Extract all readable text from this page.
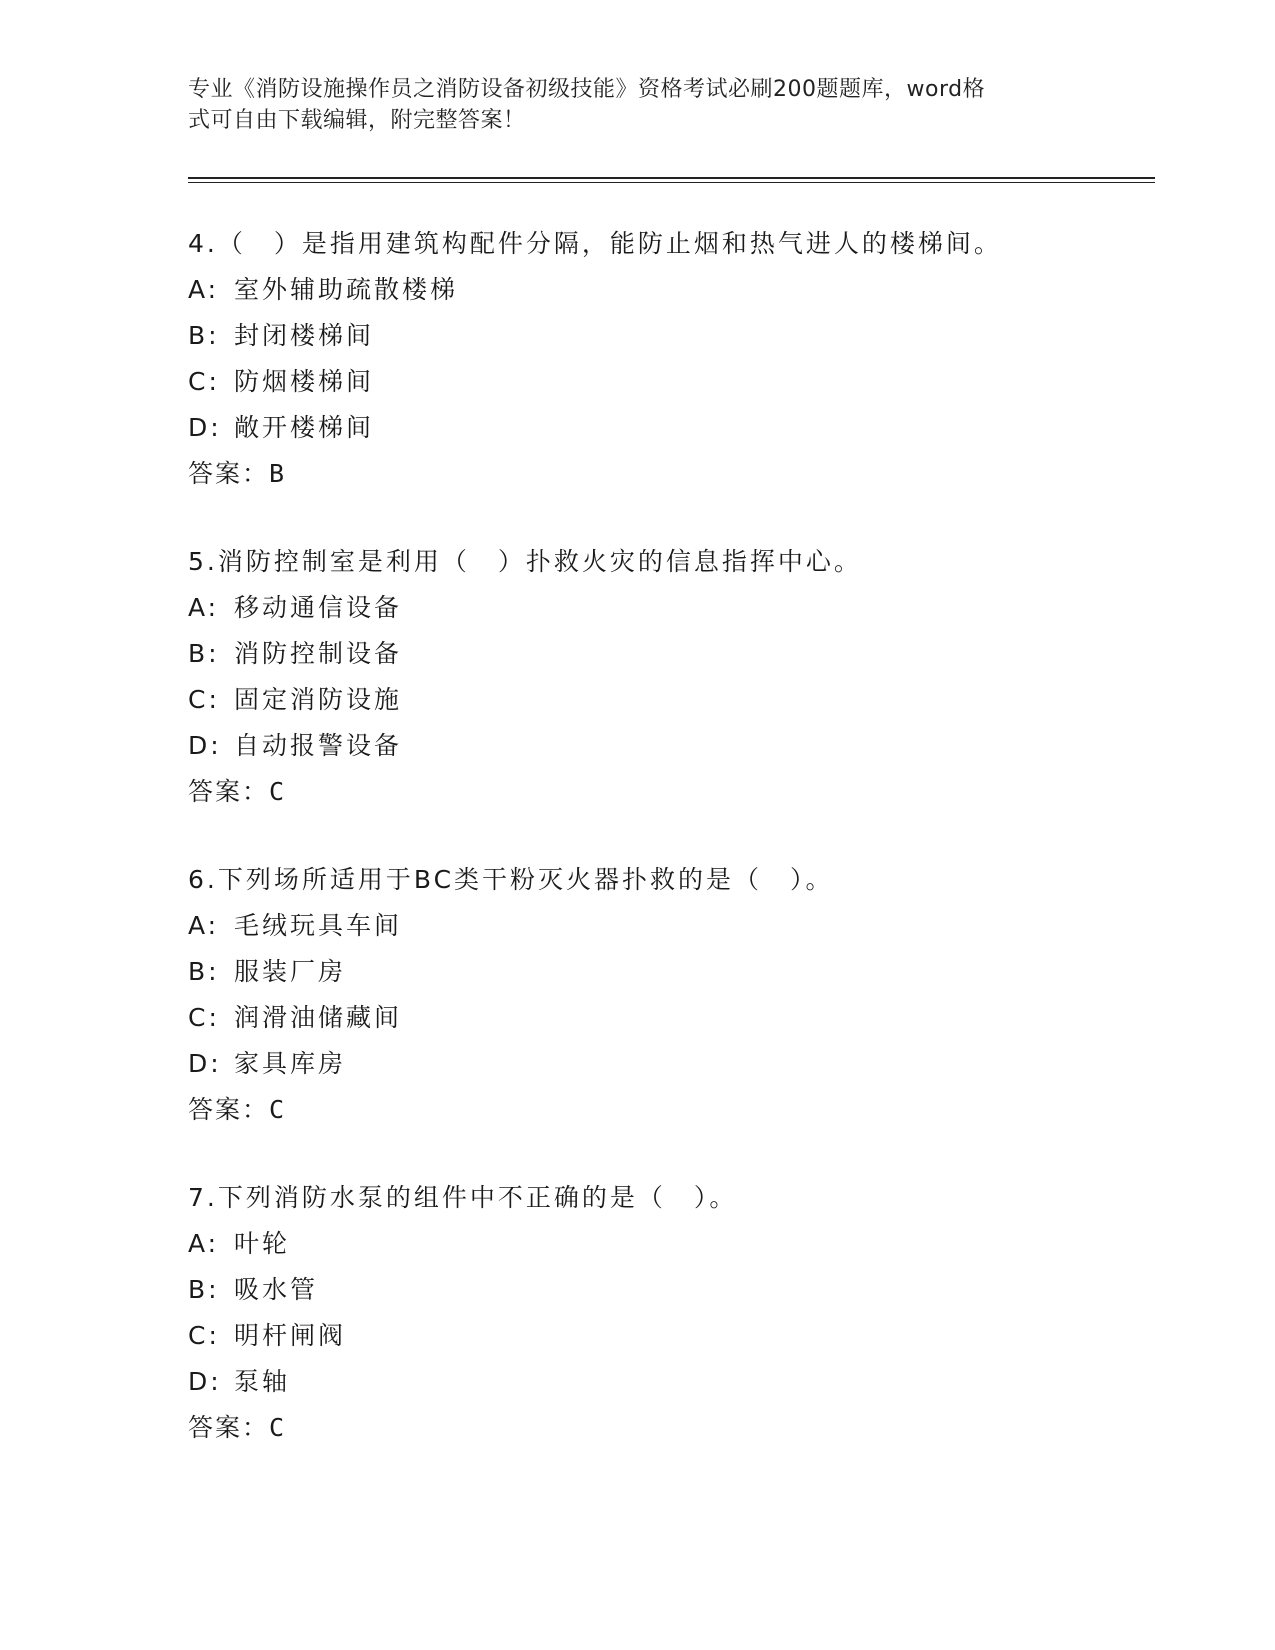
专业《消防设施操作员之消防设备初级技能》资格考试必刷200题题库，word格
式可自由下载编辑，附完整答案！
4.（　）是指用建筑构配件分隔，能防止烟和热气进人的楼梯间。
A: 室外辅助疏散楼梯
B: 封闭楼梯间
C: 防烟楼梯间
D: 敞开楼梯间
答案：B
5.消防控制室是利用（　）扑救火灾的信息指挥中心。
A: 移动通信设备
B: 消防控制设备
C: 固定消防设施
D: 自动报警设备
答案：C
6.下列场所适用于BC类干粉灭火器扑救的是（　）。
A: 毛绒玩具车间
B: 服装厂房
C: 润滑油储藏间
D: 家具库房
答案：C
7.下列消防水泵的组件中不正确的是（　）。
A: 叶轮
B: 吸水管
C: 明杆闸阀
D: 泵轴
答案：C
